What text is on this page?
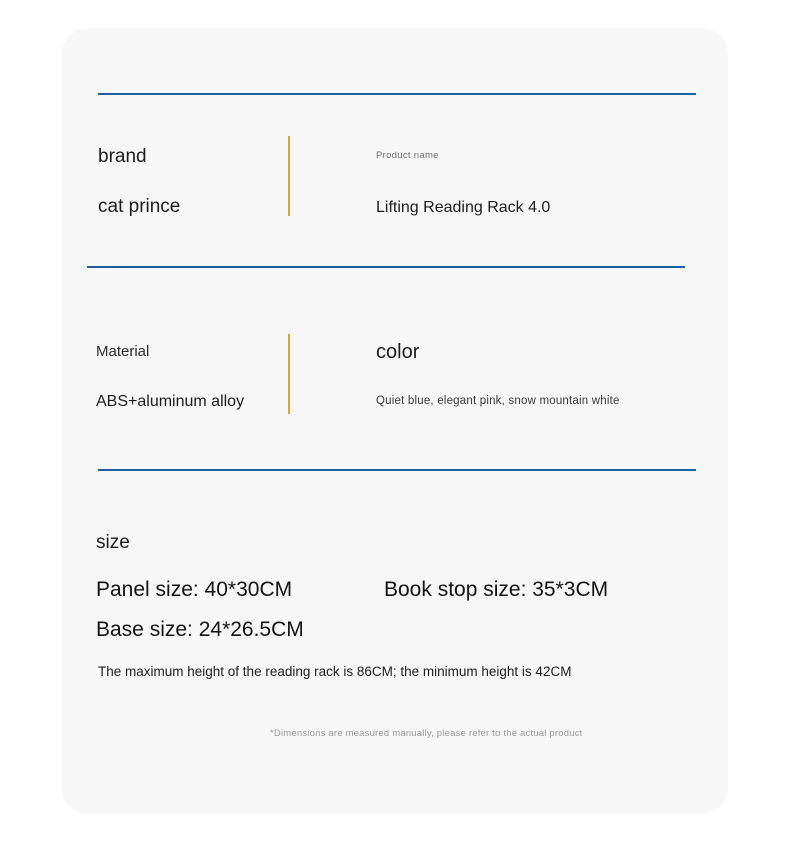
brand
cat prince
Product name
Lifting Reading Rack 4.0
Material
ABS+aluminum alloy
color
Quiet blue, elegant pink, snow mountain white
size
Panel size: 40*30CM	Book stop size: 35*3CM
Base size: 24*26.5CM
The maximum height of the reading rack is 86CM; the minimum height is 42CM
*Dimensions are measured manually, please refer to the actual product
